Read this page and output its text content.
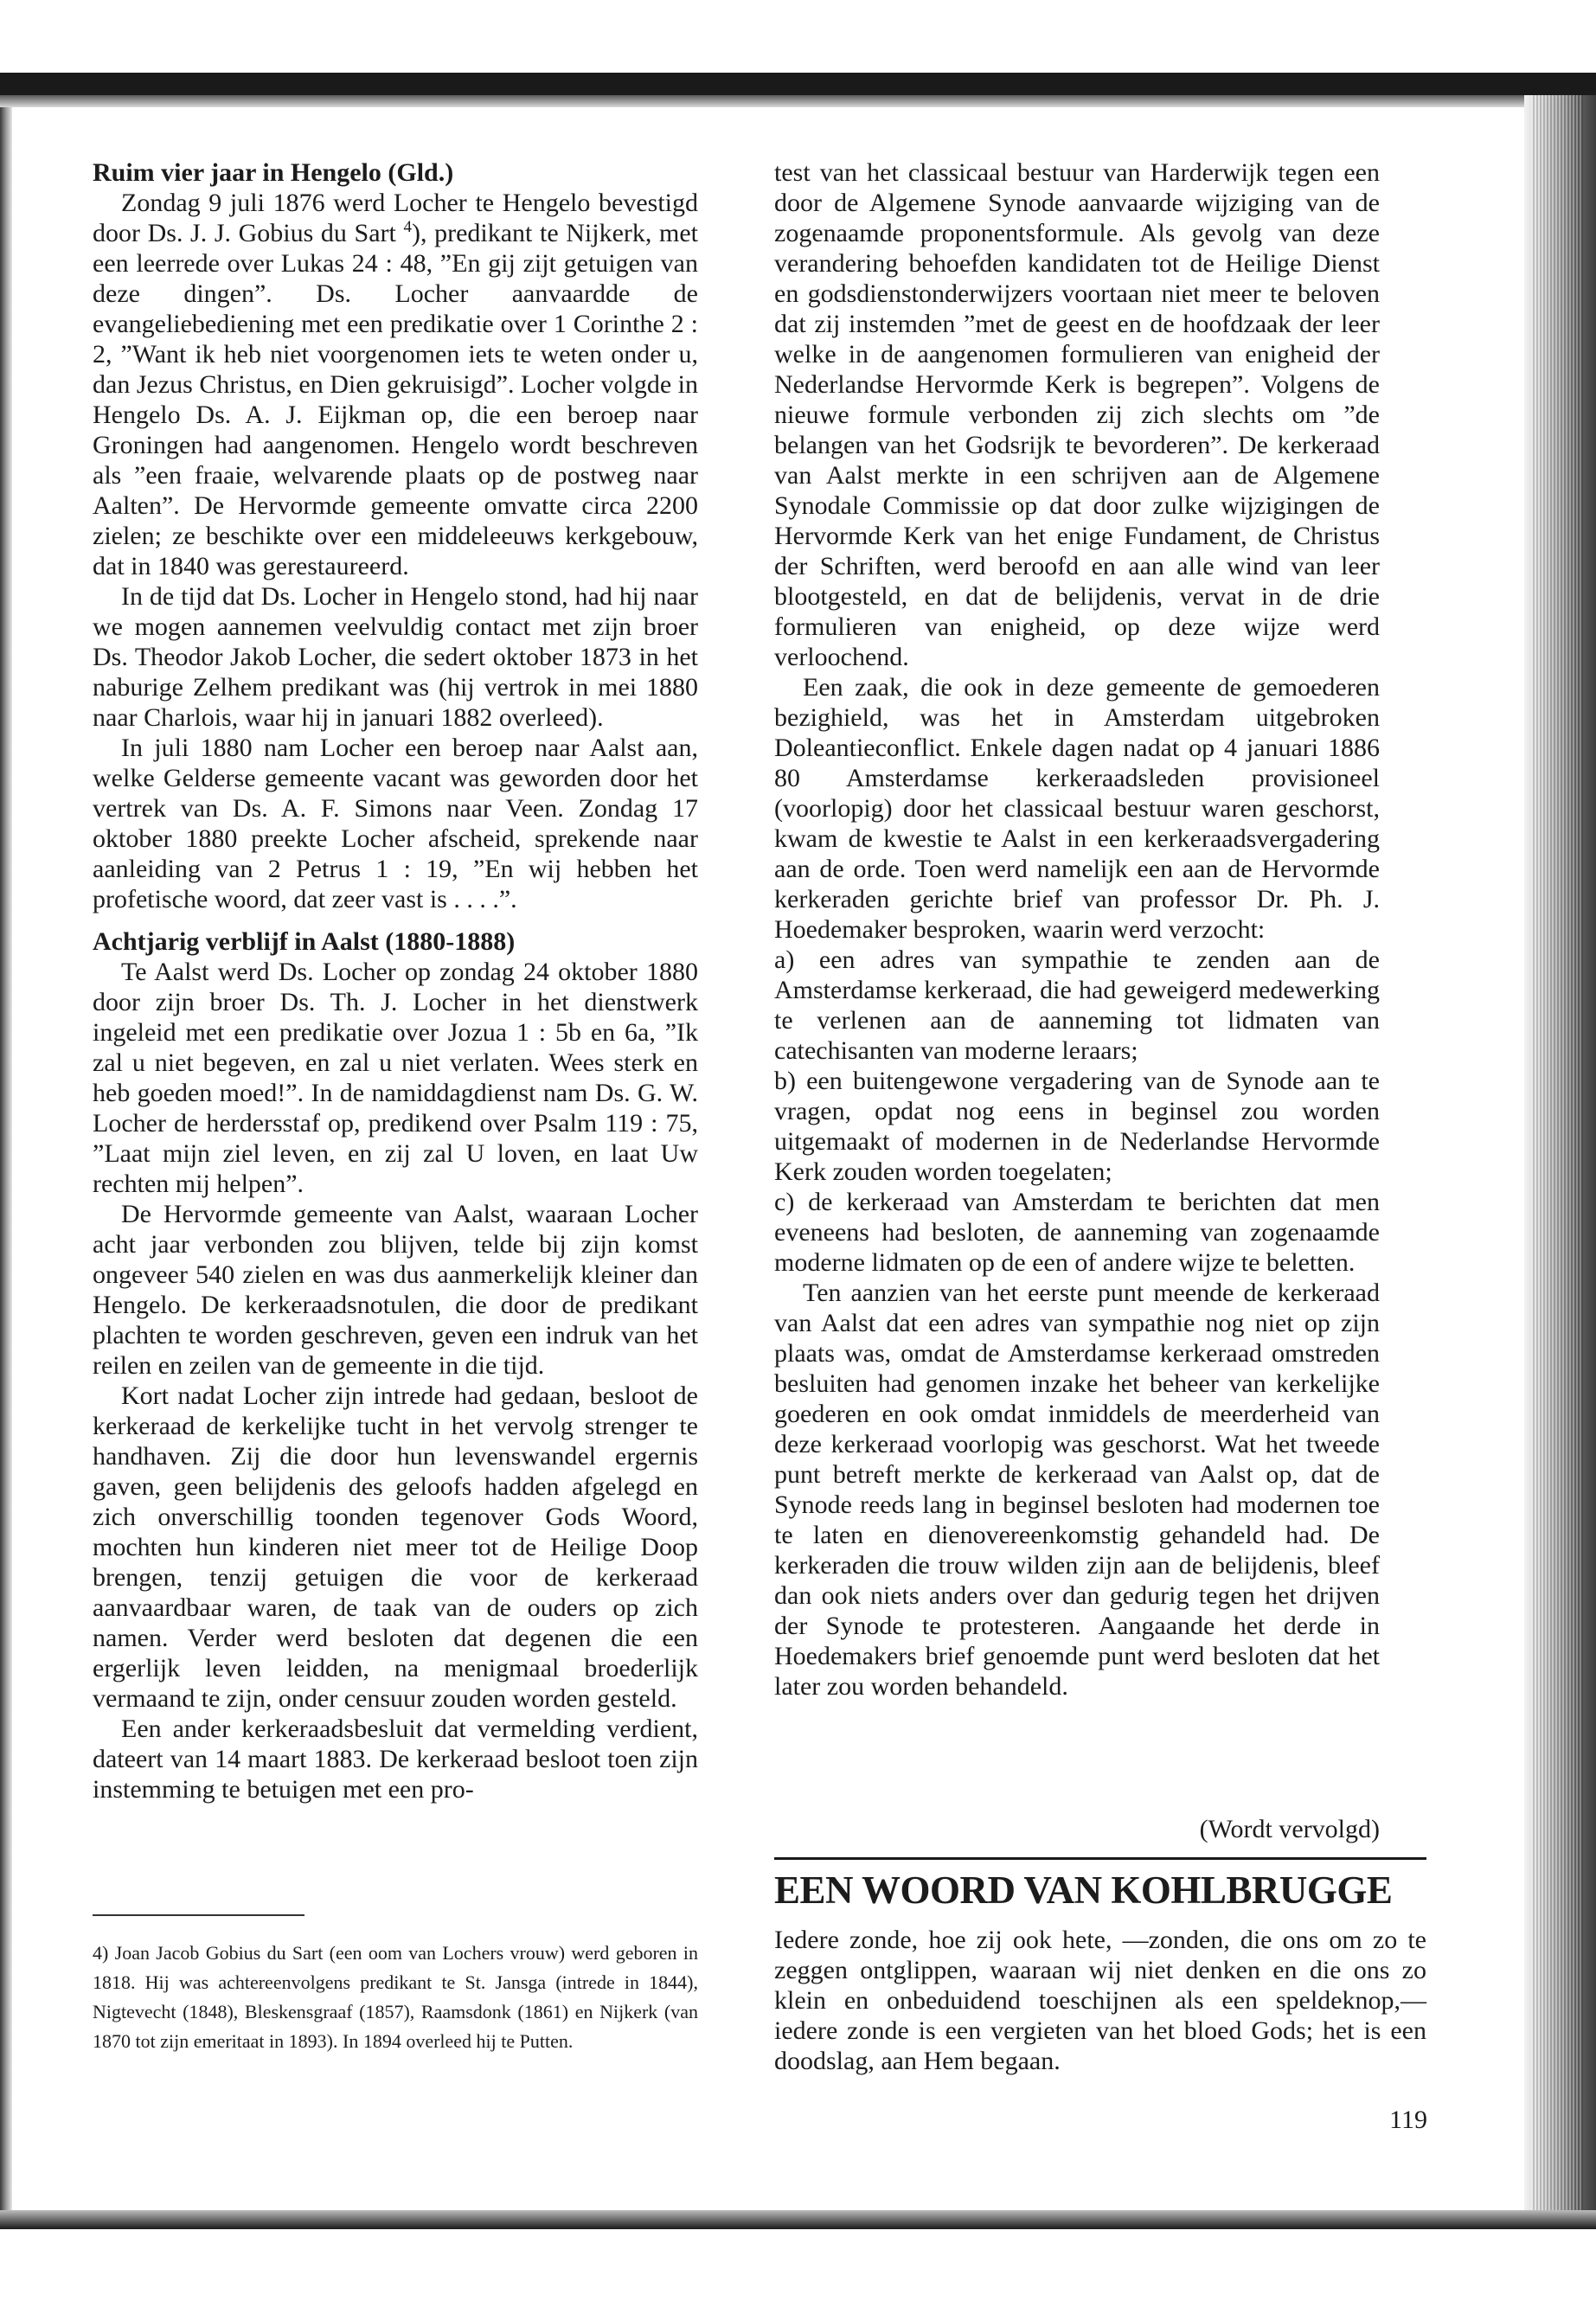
Ruim vier jaar in Hengelo (Gld.)

Zondag 9 juli 1876 werd Locher te Hengelo bevestigd door Ds. J. J. Gobius du Sart $^4$), predikant te Nijkerk, met een leerrede over Lukas 24 : 48, ”En gij zijt getuigen van deze dingen”. Ds. Locher aanvaardde de evangeliebediening met een predikatie over 1 Corinthe 2 : 2, ”Want ik heb niet voorgenomen iets te weten onder u, dan Jezus Christus, en Dien gekruisigd”. Locher volgde in Hengelo Ds. A. J. Eijkman op, die een beroep naar Groningen had aangenomen. Hengelo wordt beschreven als ”een fraaie, welvarende plaats op de postweg naar Aalten”. De Hervormde gemeente omvatte circa 2200 zielen; ze beschikte over een middeleeuws kerkgebouw, dat in 1840 was gerestaureerd.

In de tijd dat Ds. Locher in Hengelo stond, had hij naar we mogen aannemen veelvuldig contact met zijn broer Ds. Theodor Jakob Locher, die sedert oktober 1873 in het naburige Zelhem predikant was (hij vertrok in mei 1880 naar Charlois, waar hij in januari 1882 overleed).

In juli 1880 nam Locher een beroep naar Aalst aan, welke Gelderse gemeente vacant was geworden door het vertrek van Ds. A. F. Simons naar Veen. Zondag 17 oktober 1880 preekte Locher afscheid, sprekende naar aanleiding van 2 Petrus 1 : 19, ”En wij hebben het profetische woord, dat zeer vast is . . . .”.

Achtjarig verblijf in Aalst (1880-1888)

Te Aalst werd Ds. Locher op zondag 24 oktober 1880 door zijn broer Ds. Th. J. Locher in het dienstwerk ingeleid met een predikatie over Jozua 1 : 5b en 6a, ”Ik zal u niet begeven, en zal u niet verlaten. Wees sterk en heb goeden moed!”. In de namiddagdienst nam Ds. G. W. Locher de herdersstaf op, predikend over Psalm 119 : 75, ”Laat mijn ziel leven, en zij zal U loven, en laat Uw rechten mij helpen”.

De Hervormde gemeente van Aalst, waaraan Locher acht jaar verbonden zou blijven, telde bij zijn komst ongeveer 540 zielen en was dus aanmerkelijk kleiner dan Hengelo. De kerkeraadsnotulen, die door de predikant plachten te worden geschreven, geven een indruk van het reilen en zeilen van de gemeente in die tijd.

Kort nadat Locher zijn intrede had gedaan, besloot de kerkeraad de kerkelijke tucht in het vervolg strenger te handhaven. Zij die door hun levenswandel ergernis gaven, geen belijdenis des geloofs hadden afgelegd en zich onverschillig toonden tegenover Gods Woord, mochten hun kinderen niet meer tot de Heilige Doop brengen, tenzij getuigen die voor de kerkeraad aanvaardbaar waren, de taak van de ouders op zich namen. Verder werd besloten dat degenen die een ergerlijk leven leidden, na menigmaal broederlijk vermaand te zijn, onder censuur zouden worden gesteld.

Een ander kerkeraadsbesluit dat vermelding verdient, dateert van 14 maart 1883. De kerkeraad besloot toen zijn instemming te betuigen met een pro-

4) Joan Jacob Gobius du Sart (een oom van Lochers vrouw) werd geboren in 1818. Hij was achtereenvolgens predikant te St. Jansga (intrede in 1844), Nigtevecht (1848), Bleskensgraaf (1857), Raamsdonk (1861) en Nijkerk (van 1870 tot zijn emeritaat in 1893). In 1894 overleed hij te Putten.

test van het classicaal bestuur van Harderwijk tegen een door de Algemene Synode aanvaarde wijziging van de zogenaamde proponentsformule. Als gevolg van deze verandering behoefden kandidaten tot de Heilige Dienst en godsdienstonderwijzers voortaan niet meer te beloven dat zij instemden ”met de geest en de hoofdzaak der leer welke in de aangenomen formulieren van enigheid der Nederlandse Hervormde Kerk is begrepen”. Volgens de nieuwe formule verbonden zij zich slechts om ”de belangen van het Godsrijk te bevorderen”. De kerkeraad van Aalst merkte in een schrijven aan de Algemene Synodale Commissie op dat door zulke wijzigingen de Hervormde Kerk van het enige Fundament, de Christus der Schriften, werd beroofd en aan alle wind van leer blootgesteld, en dat de belijdenis, vervat in de drie formulieren van enigheid, op deze wijze werd verloochend.

Een zaak, die ook in deze gemeente de gemoederen bezighield, was het in Amsterdam uitgebroken Doleantieconflict. Enkele dagen nadat op 4 januari 1886 80 Amsterdamse kerkeraadsleden provisioneel (voorlopig) door het classicaal bestuur waren geschorst, kwam de kwestie te Aalst in een kerkeraadsvergadering aan de orde. Toen werd namelijk een aan de Hervormde kerkeraden gerichte brief van professor Dr. Ph. J. Hoedemaker besproken, waarin werd verzocht:

a) een adres van sympathie te zenden aan de Amsterdamse kerkeraad, die had geweigerd medewerking te verlenen aan de aanneming tot lidmaten van catechisanten van moderne leraars;

b) een buitengewone vergadering van de Synode aan te vragen, opdat nog eens in beginsel zou worden uitgemaakt of modernen in de Nederlandse Hervormde Kerk zouden worden toegelaten;

c) de kerkeraad van Amsterdam te berichten dat men eveneens had besloten, de aanneming van zogenaamde moderne lidmaten op de een of andere wijze te beletten.

Ten aanzien van het eerste punt meende de kerkeraad van Aalst dat een adres van sympathie nog niet op zijn plaats was, omdat de Amsterdamse kerkeraad omstreden besluiten had genomen inzake het beheer van kerkelijke goederen en ook omdat inmiddels de meerderheid van deze kerkeraad voorlopig was geschorst. Wat het tweede punt betreft merkte de kerkeraad van Aalst op, dat de Synode reeds lang in beginsel besloten had modernen toe te laten en dienovereenkomstig gehandeld had. De kerkeraden die trouw wilden zijn aan de belijdenis, bleef dan ook niets anders over dan gedurig tegen het drijven der Synode te protesteren. Aangaande het derde in Hoedemakers brief genoemde punt werd besloten dat het later zou worden behandeld.

(Wordt vervolgd)
EEN WOORD VAN KOHLBRUGGE

Iedere zonde, hoe zij ook hete, —zonden, die ons om zo te zeggen ontglippen, waaraan wij niet denken en die ons zo klein en onbeduidend toeschijnen als een speldeknop,— iedere zonde is een vergieten van het bloed Gods; het is een doodslag, aan Hem begaan.

119
